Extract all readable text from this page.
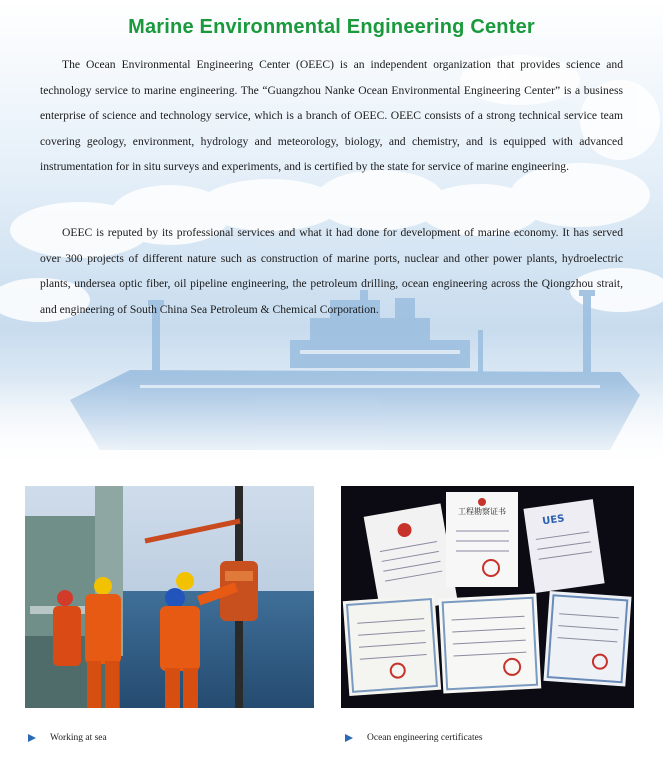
Marine Environmental Engineering Center

The Ocean Environmental Engineering Center (OEEC) is an independent organization that provides science and technology service to marine engineering. The “Guangzhou Nanke Ocean Environmental Engineering Center” is a business enterprise of science and technology service, which is a branch of OEEC. OEEC consists of a strong technical service team covering geology, environment, hydrology and meteorology, biology, and chemistry, and is equipped with advanced instrumentation for in situ surveys and experiments, and is certified by the state for service of marine engineering.

OEEC is reputed by its professional services and what it had done for development of marine economy. It has served over 300 projects of different nature such as construction of marine ports, nuclear and other power plants, hydroelectric plants, undersea optic fiber, oil pipeline engineering, the petroleum drilling, ocean engineering across the Qiongzhou strait, and engineering of South China Sea Petroleum & Chemical Corporation.

工程勘察证书
UES
Working at sea	Ocean engineering certificates
